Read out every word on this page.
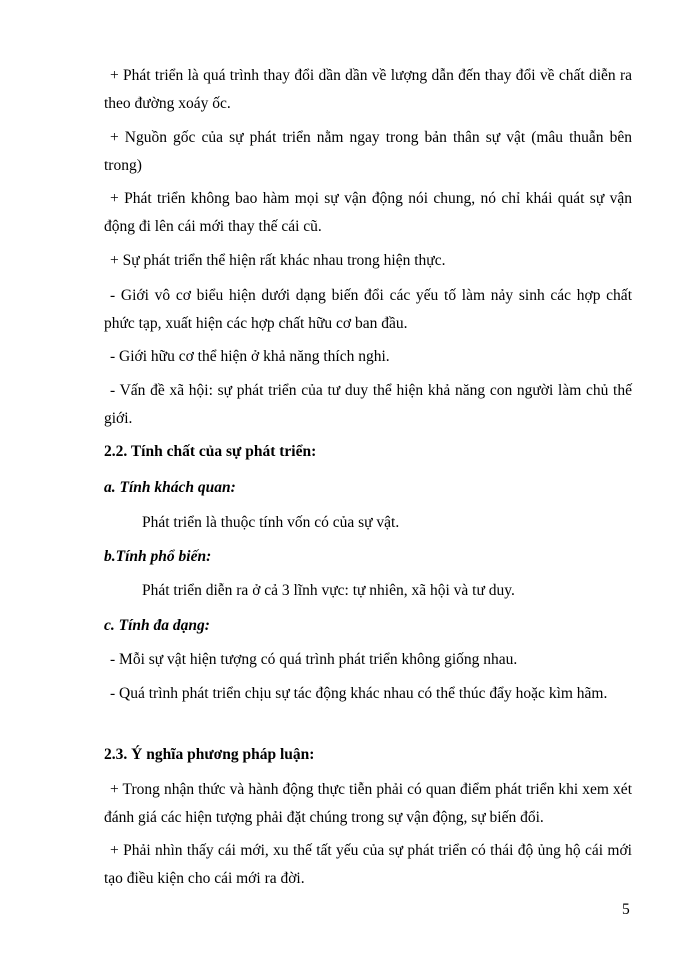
+ Phát triển là quá trình thay đổi dần dần về lượng dẫn đến thay đổi về chất diễn ra theo đường xoáy ốc.

+ Nguồn gốc của sự phát triển nằm ngay trong bản thân sự vật (mâu thuẫn bên trong)

+ Phát triển không bao hàm mọi sự vận động nói chung, nó chỉ khái quát sự vận động đi lên cái mới thay thế cái cũ.

+ Sự phát triển thể hiện rất khác nhau trong hiện thực.

- Giới vô cơ biểu hiện dưới dạng biến đổi các yếu tố làm nảy sinh các hợp chất phức tạp, xuất hiện các hợp chất hữu cơ ban đầu.

- Giới hữu cơ thể hiện ở khả năng thích nghi.

- Vấn đề xã hội: sự phát triển của tư duy thể hiện khả năng con người làm chủ thế giới.

2.2. Tính chất của sự phát triển:

a. Tính khách quan:

Phát triển là thuộc tính vốn có của sự vật.

b.Tính phổ biến:

Phát triển diễn ra ở cả 3 lĩnh vực: tự nhiên, xã hội và tư duy.

c. Tính đa dạng:

- Mỗi sự vật hiện tượng có quá trình phát triển không giống nhau.

- Quá trình phát triển chịu sự tác động khác nhau có thể thúc đẩy hoặc kìm hãm.

2.3. Ý nghĩa phương pháp luận:

+ Trong nhận thức và hành động thực tiễn phải có quan điểm phát triển khi xem xét đánh giá các hiện tượng phải đặt chúng trong sự vận động, sự biến đổi.

+ Phải nhìn thấy cái mới, xu thế tất yếu của sự phát triển có thái độ ủng hộ cái mới tạo điều kiện cho cái mới ra đời.

5
